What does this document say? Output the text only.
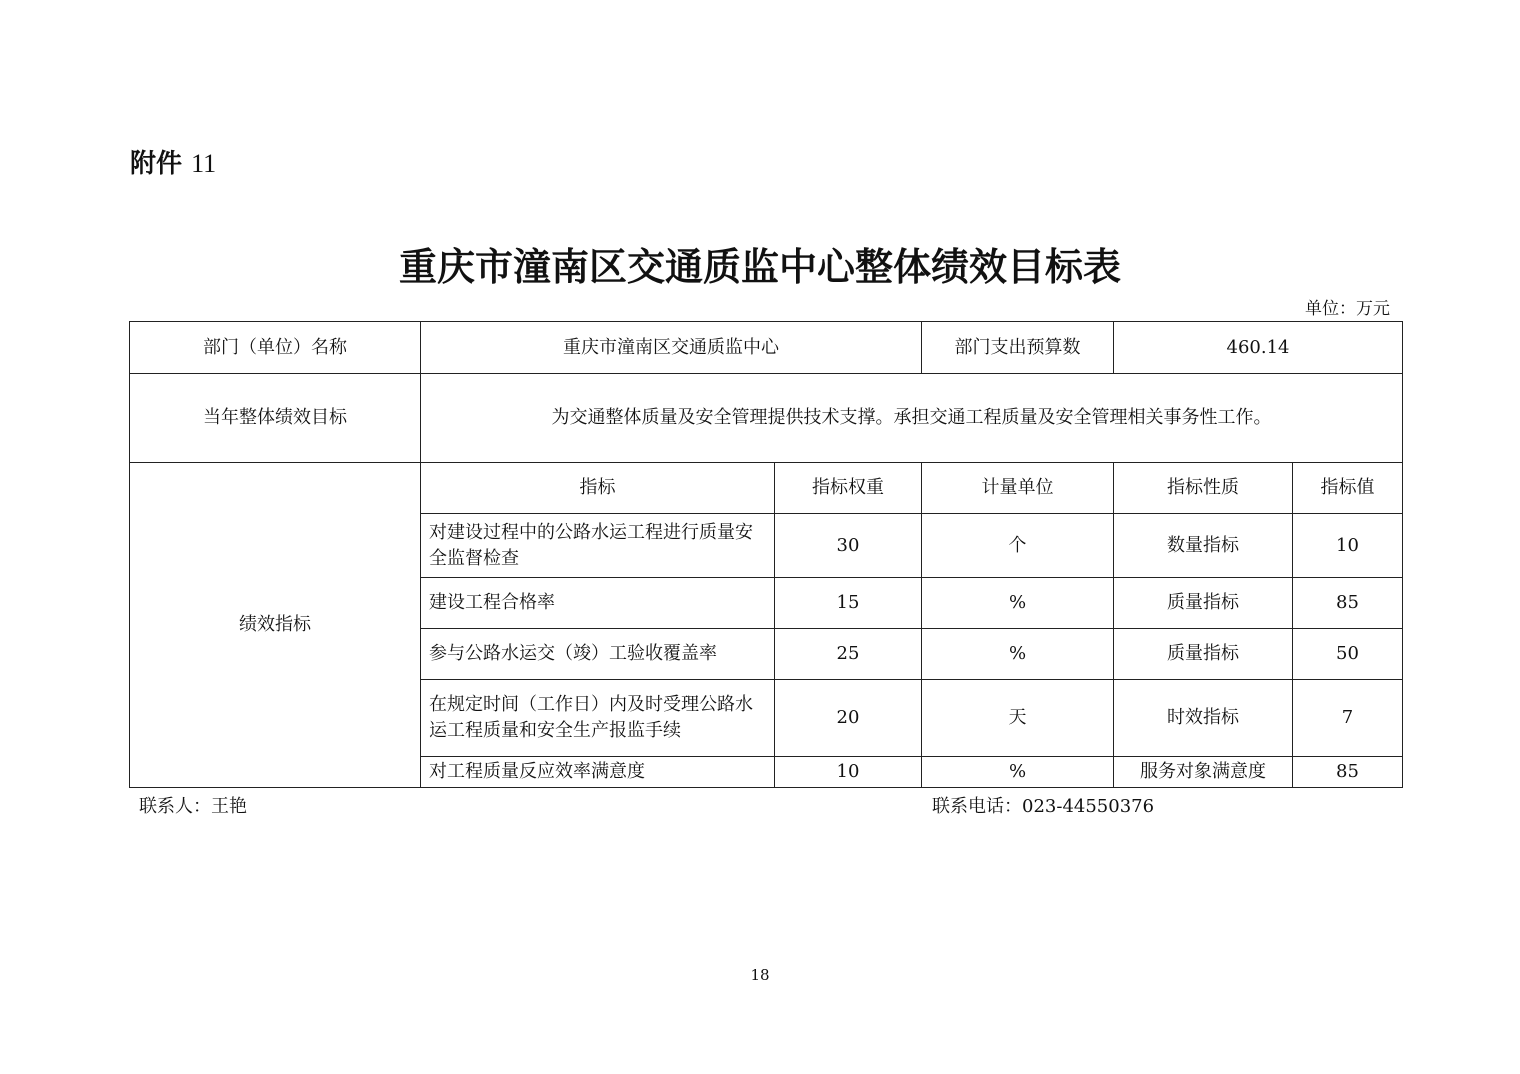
附件 11
重庆市潼南区交通质监中心整体绩效目标表
单位：万元
部门（单位）名称	重庆市潼南区交通质监中心		部门支出预算数	460.14	
当年整体绩效目标	为交通整体质量及安全管理提供技术支撑。承担交通工程质量及安全管理相关事务性工作。				
绩效指标	指标	指标权重	计量单位	指标性质	指标值
	对建设过程中的公路水运工程进行质量安全监督检查	30	个	数量指标	10
	建设工程合格率	15	%	质量指标	85
	参与公路水运交（竣）工验收覆盖率	25	%	质量指标	50
	在规定时间（工作日）内及时受理公路水运工程质量和安全生产报监手续	20	天	时效指标	7
	对工程质量反应效率满意度	10	%	服务对象满意度	85
联系人：王艳	联系电话：023-44550376
18
